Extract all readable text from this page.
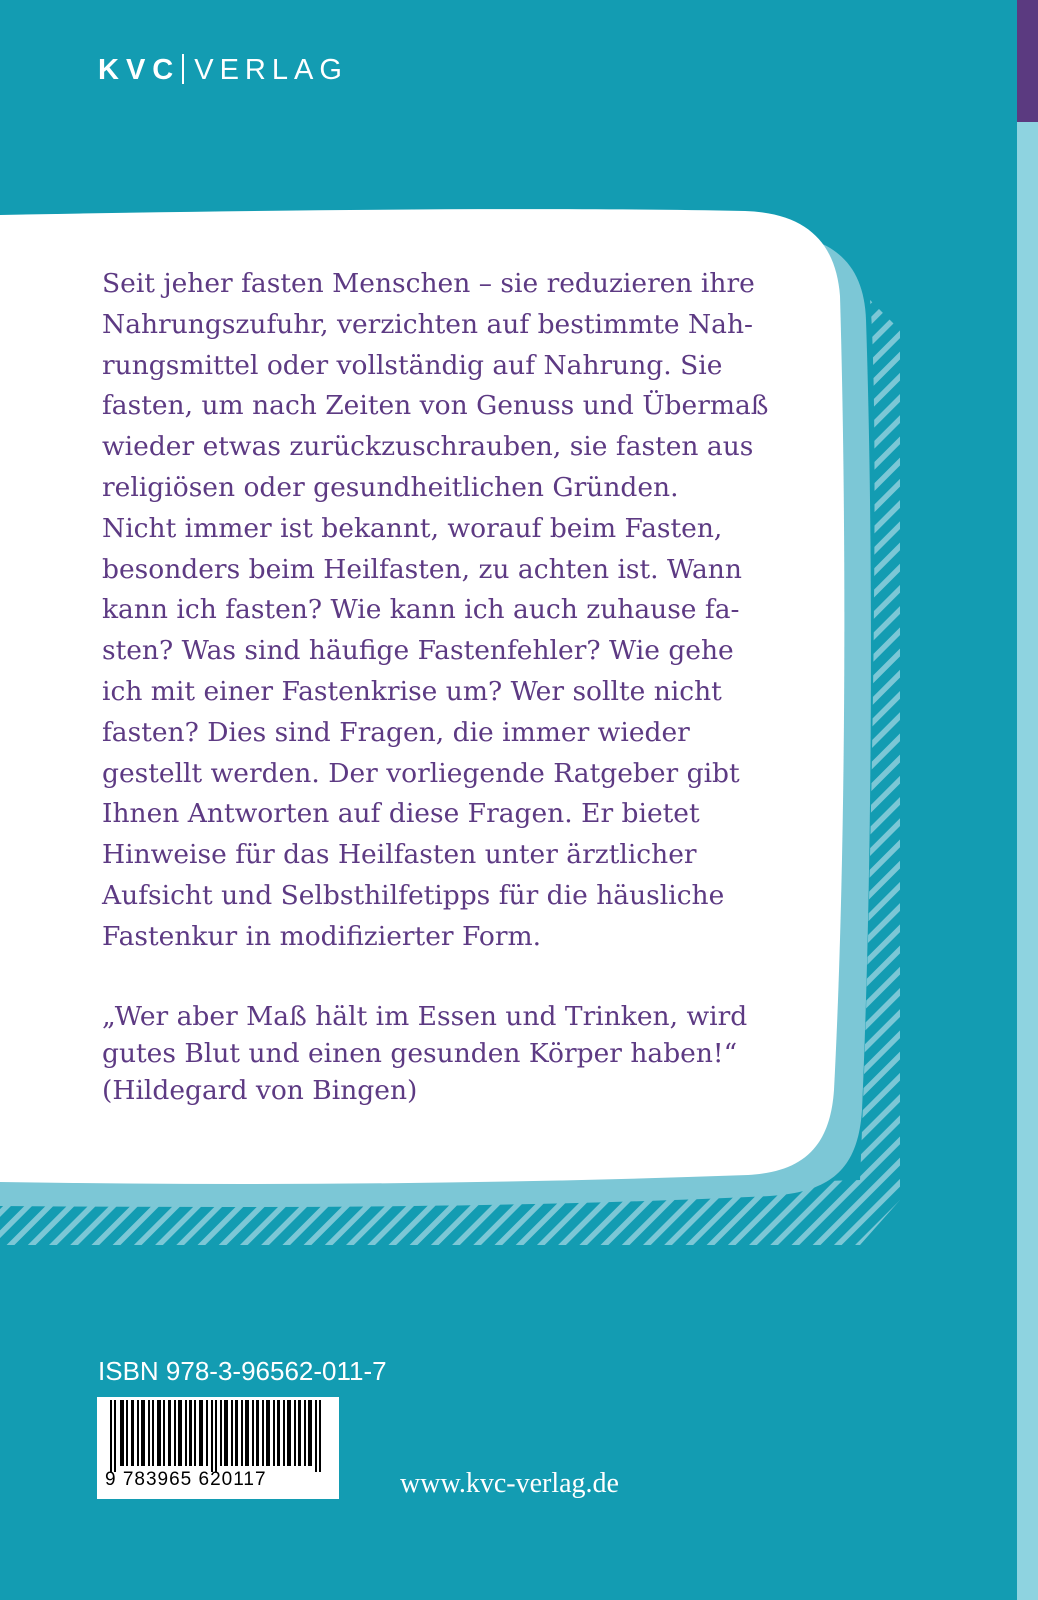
KVC VERLAG

Seit jeher fasten Menschen – sie reduzieren ihre
Nahrungszufuhr, verzichten auf bestimmte Nah-
rungsmittel oder vollständig auf Nahrung. Sie
fasten, um nach Zeiten von Genuss und Übermaß
wieder etwas zurückzuschrauben, sie fasten aus
religiösen oder gesundheitlichen Gründen.
Nicht immer ist bekannt, worauf beim Fasten,
besonders beim Heilfasten, zu achten ist. Wann
kann ich fasten? Wie kann ich auch zuhause fa-
sten? Was sind häufige Fastenfehler? Wie gehe
ich mit einer Fastenkrise um? Wer sollte nicht
fasten? Dies sind Fragen, die immer wieder
gestellt werden. Der vorliegende Ratgeber gibt
Ihnen Antworten auf diese Fragen. Er bietet
Hinweise für das Heilfasten unter ärztlicher
Aufsicht und Selbsthilfetipps für die häusliche
Fastenkur in modifizierter Form.

„Wer aber Maß hält im Essen und Trinken, wird
gutes Blut und einen gesunden Körper haben!“
(Hildegard von Bingen)

ISBN 978-3-96562-011-7
9 783965 620117	www.kvc-verlag.de
